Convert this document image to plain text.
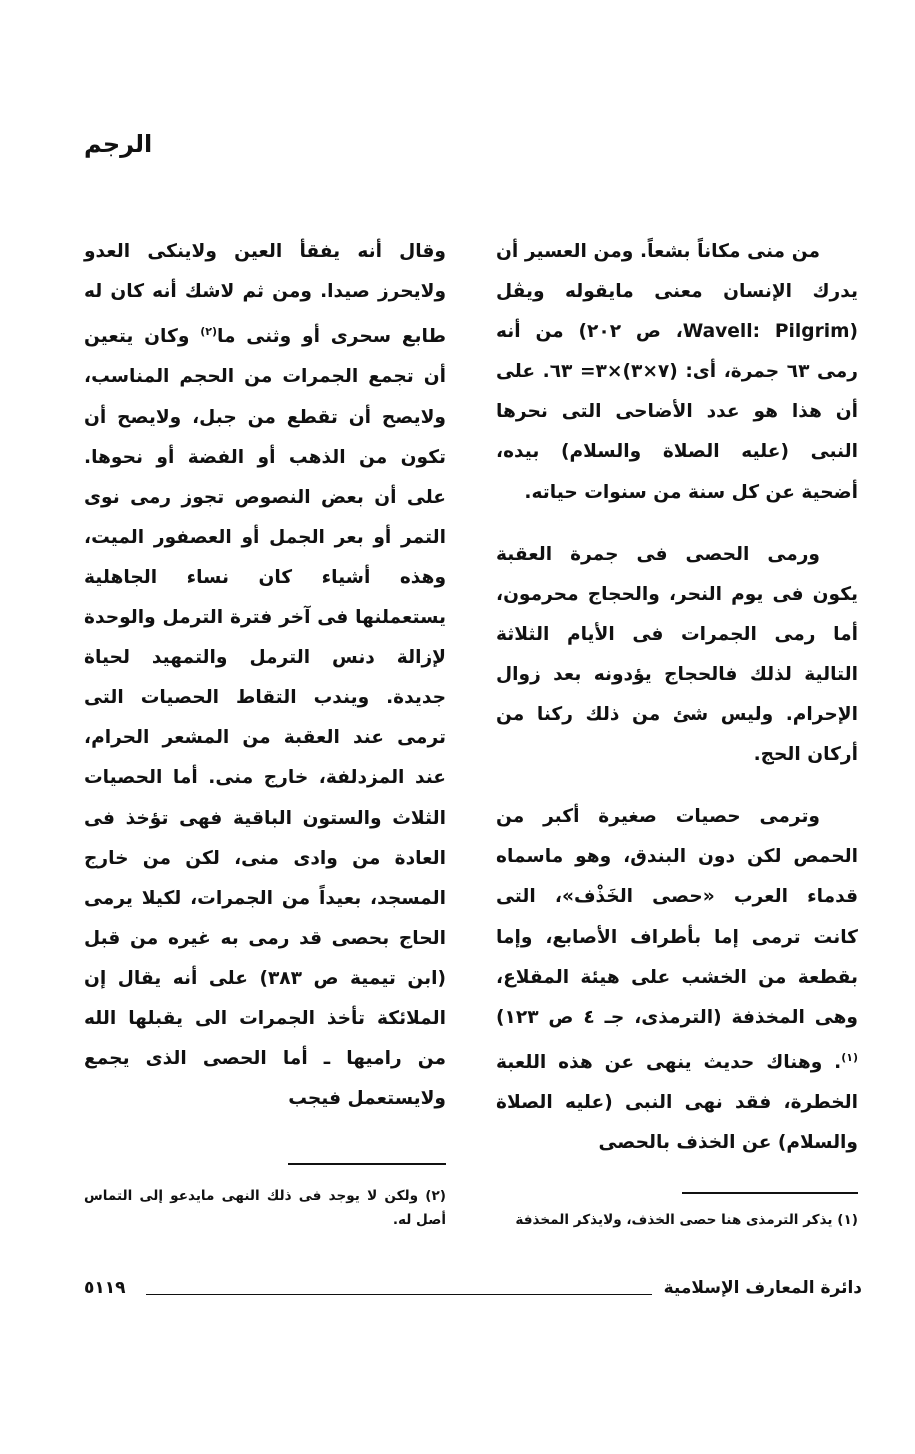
الرجم

من منى مكاناً بشعاً. ومن العسير أن يدرك الإنسان معنى مايقوله ويڤل (Wavell: Pilgrim، ص ٢٠٢) من أنه رمى ٦٣ جمرة، أى: (٧×٣)×٣= ٦٣. على أن هذا هو عدد الأضاحى التى نحرها النبى (عليه الصلاة والسلام) بيده، أضحية عن كل سنة من سنوات حياته.

ورمى الحصى فى جمرة العقبة يكون فى يوم النحر، والحجاج محرمون، أما رمى الجمرات فى الأيام الثلاثة التالية لذلك فالحجاج يؤدونه بعد زوال الإحرام. وليس شئ من ذلك ركنا من أركان الحج.

وترمى حصيات صغيرة أكبر من الحمص لكن دون البندق، وهو ماسماه قدماء العرب «حصى الخَذْف»، التى كانت ترمى إما بأطراف الأصابع، وإما بقطعة من الخشب على هيئة المقلاع، وهى المخذفة (الترمذى، جـ ٤ ص ١٢٣)$^{(١)}$. وهناك حديث ينهى عن هذه اللعبة الخطرة، فقد نهى النبى (عليه الصلاة والسلام) عن الخذف بالحصى

وقال أنه يفقأ العين ولاينكى العدو ولايحرز صيدا. ومن ثم لاشك أنه كان له طابع سحرى أو وثنى ما$^{(٢)}$ وكان يتعين أن تجمع الجمرات من الحجم المناسب، ولايصح أن تقطع من جبل، ولايصح أن تكون من الذهب أو الفضة أو نحوها. على أن بعض النصوص تجوز رمى نوى التمر أو بعر الجمل أو العصفور الميت، وهذه أشياء كان نساء الجاهلية يستعملنها فى آخر فترة الترمل والوحدة لإزالة دنس الترمل والتمهيد لحياة جديدة. ويندب التقاط الحصيات التى ترمى عند العقبة من المشعر الحرام، عند المزدلفة، خارج منى. أما الحصيات الثلاث والستون الباقية فهى تؤخذ فى العادة من وادى منى، لكن من خارج المسجد، بعيداً من الجمرات، لكيلا يرمى الحاج بحصى قد رمى به غيره من قبل (ابن تيمية ص ٣٨٣) على أنه يقال إن الملائكة تأخذ الجمرات الى يقبلها الله من راميها ـ أما الحصى الذى يجمع ولايستعمل فيجب

(٢) ولكن لا يوجد فى ذلك النهى مايدعو إلى التماس أصل له.	(١) يذكر الترمذى هنا حصى الخذف، ولايذكر المخذفة
دائرة المعارف الإسلامية
٥١١٩
